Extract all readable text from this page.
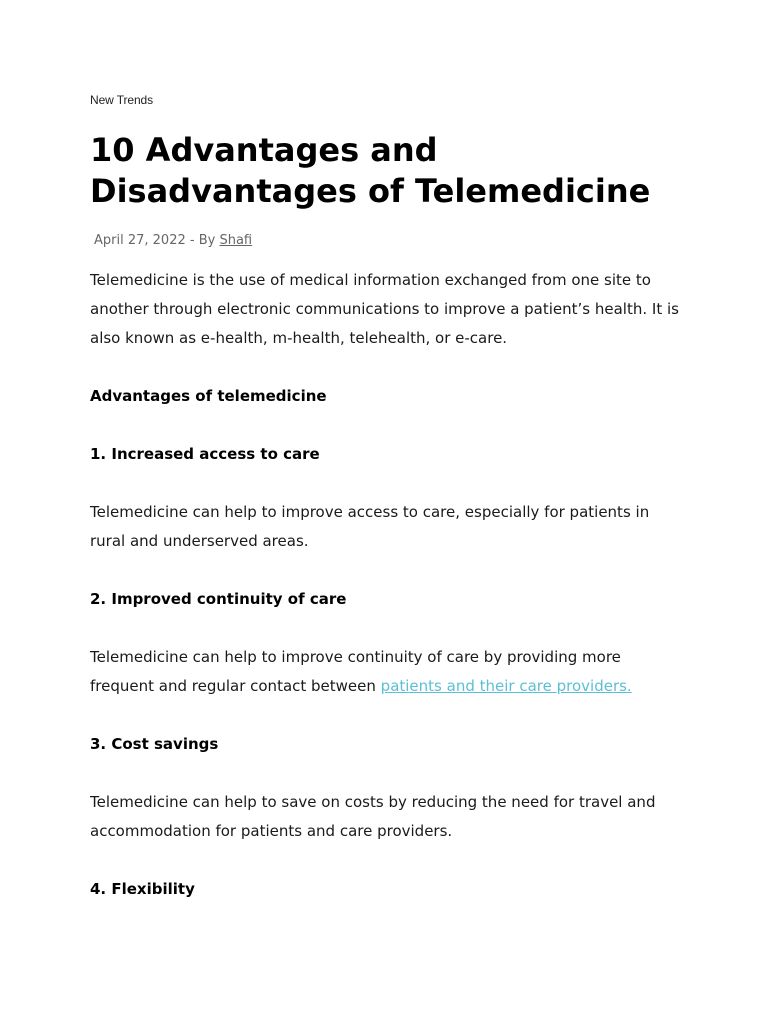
New Trends
10 Advantages and Disadvantages of Telemedicine
April 27, 2022 - By Shafi

Telemedicine is the use of medical information exchanged from one site to another through electronic communications to improve a patient’s health. It is also known as e-health, m-health, telehealth, or e-care.

Advantages of telemedicine

1. Increased access to care

Telemedicine can help to improve access to care, especially for patients in rural and underserved areas.

2. Improved continuity of care

Telemedicine can help to improve continuity of care by providing more frequent and regular contact between patients and their care providers.

3. Cost savings

Telemedicine can help to save on costs by reducing the need for travel and accommodation for patients and care providers.

4. Flexibility
